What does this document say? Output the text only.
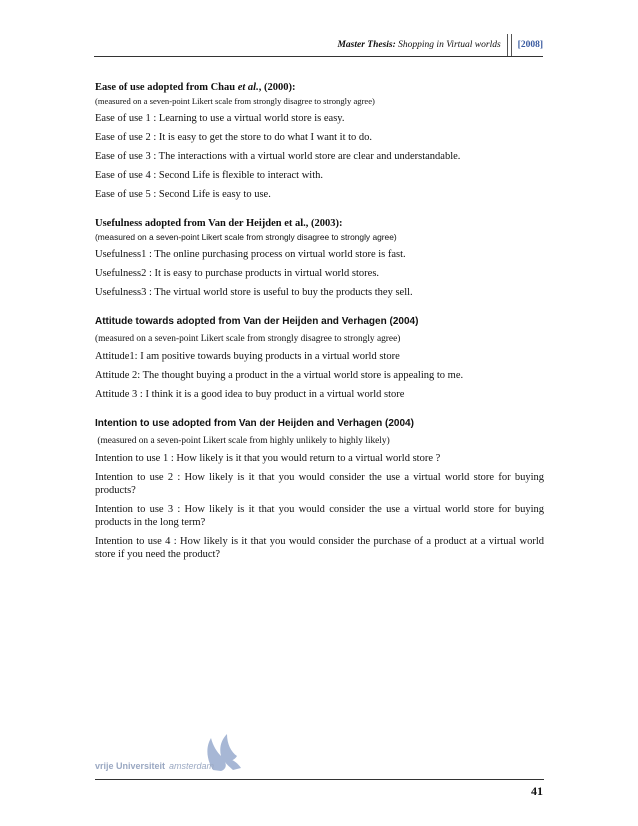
Master Thesis:
Shopping in Virtual worlds	[2008]
Ease of use adopted from Chau et al., (2000):
(measured on a seven-point Likert scale from strongly disagree to strongly agree)
Ease of use 1 : Learning to use a virtual world store is easy.
Ease of use 2 : It is easy to get the store to do what I want it to do.
Ease of use 3 : The interactions with a virtual world store are clear and understandable.
Ease of use 4 : Second Life is flexible to interact with.
Ease of use 5 : Second Life is easy to use.
Usefulness adopted from Van der Heijden et al., (2003):
(measured on a seven-point Likert scale from strongly disagree to strongly agree)
Usefulness1 : The online purchasing process on virtual world store is fast.
Usefulness2 : It is easy to purchase products in virtual world stores.
Usefulness3 : The virtual world store is useful to buy the products they sell.
Attitude towards adopted from Van der Heijden and Verhagen (2004)
(measured on a seven-point Likert scale from strongly disagree to strongly agree)
Attitude1: I am positive towards buying products in a virtual world store
Attitude 2: The thought buying a product in the a virtual world store is appealing to me.
Attitude 3 : I think it is a good idea to buy product in a virtual world store
Intention to use adopted from Van der Heijden and Verhagen (2004)
(measured on a seven-point Likert scale from highly unlikely to highly likely)
Intention to use 1 : How likely is it that you would return to a virtual world store ?
Intention to use 2 : How likely is it that you would consider the use a virtual world store for buying products?
Intention to use 3 : How likely is it that you would consider the use a virtual world store for buying products in the long term?
Intention to use 4 : How likely is it that you would consider the purchase of a product at a virtual world store if you need the product?
vrije Universiteit amsterdam
41
